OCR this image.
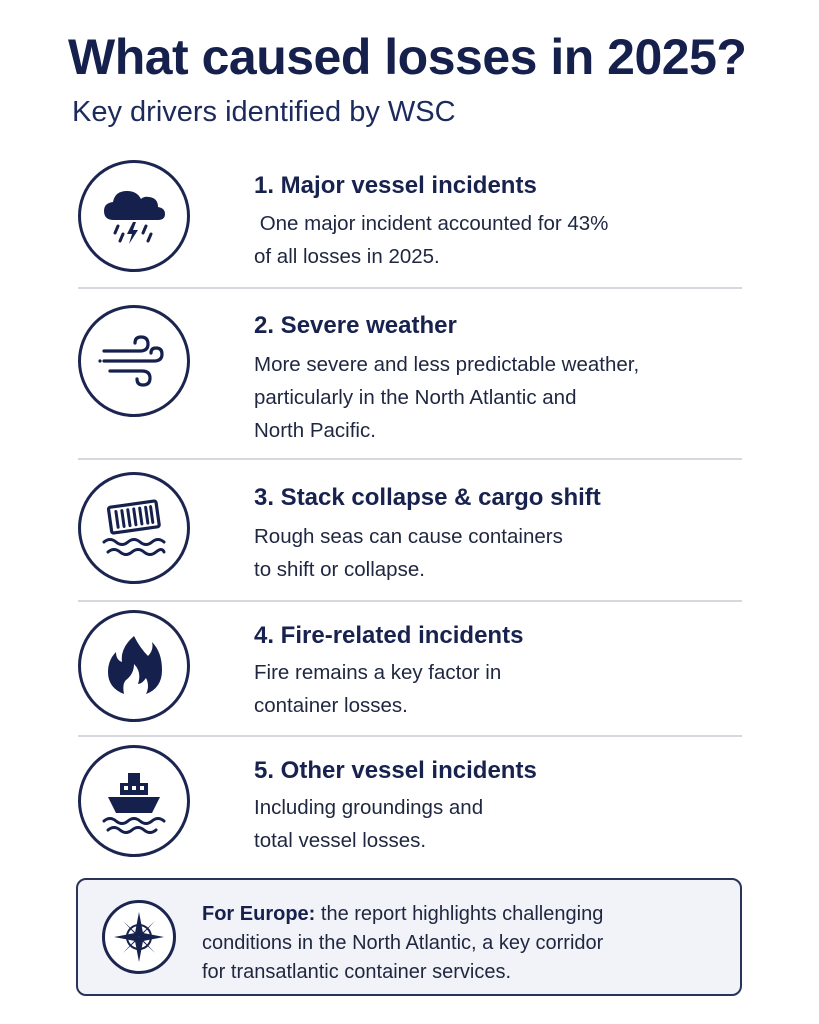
What caused losses in 2025?
Key drivers identified by WSC
1. Major vessel incidents
One major incident accounted for 43%
of all losses in 2025.
2. Severe weather
More severe and less predictable weather,
particularly in the North Atlantic and
North Pacific.
3. Stack collapse & cargo shift
Rough seas can cause containers
to shift or collapse.
4. Fire-related incidents
Fire remains a key factor in
container losses.
5. Other vessel incidents
Including groundings and
total vessel losses.
For Europe: the report highlights challenging
conditions in the North Atlantic, a key corridor
for transatlantic container services.
